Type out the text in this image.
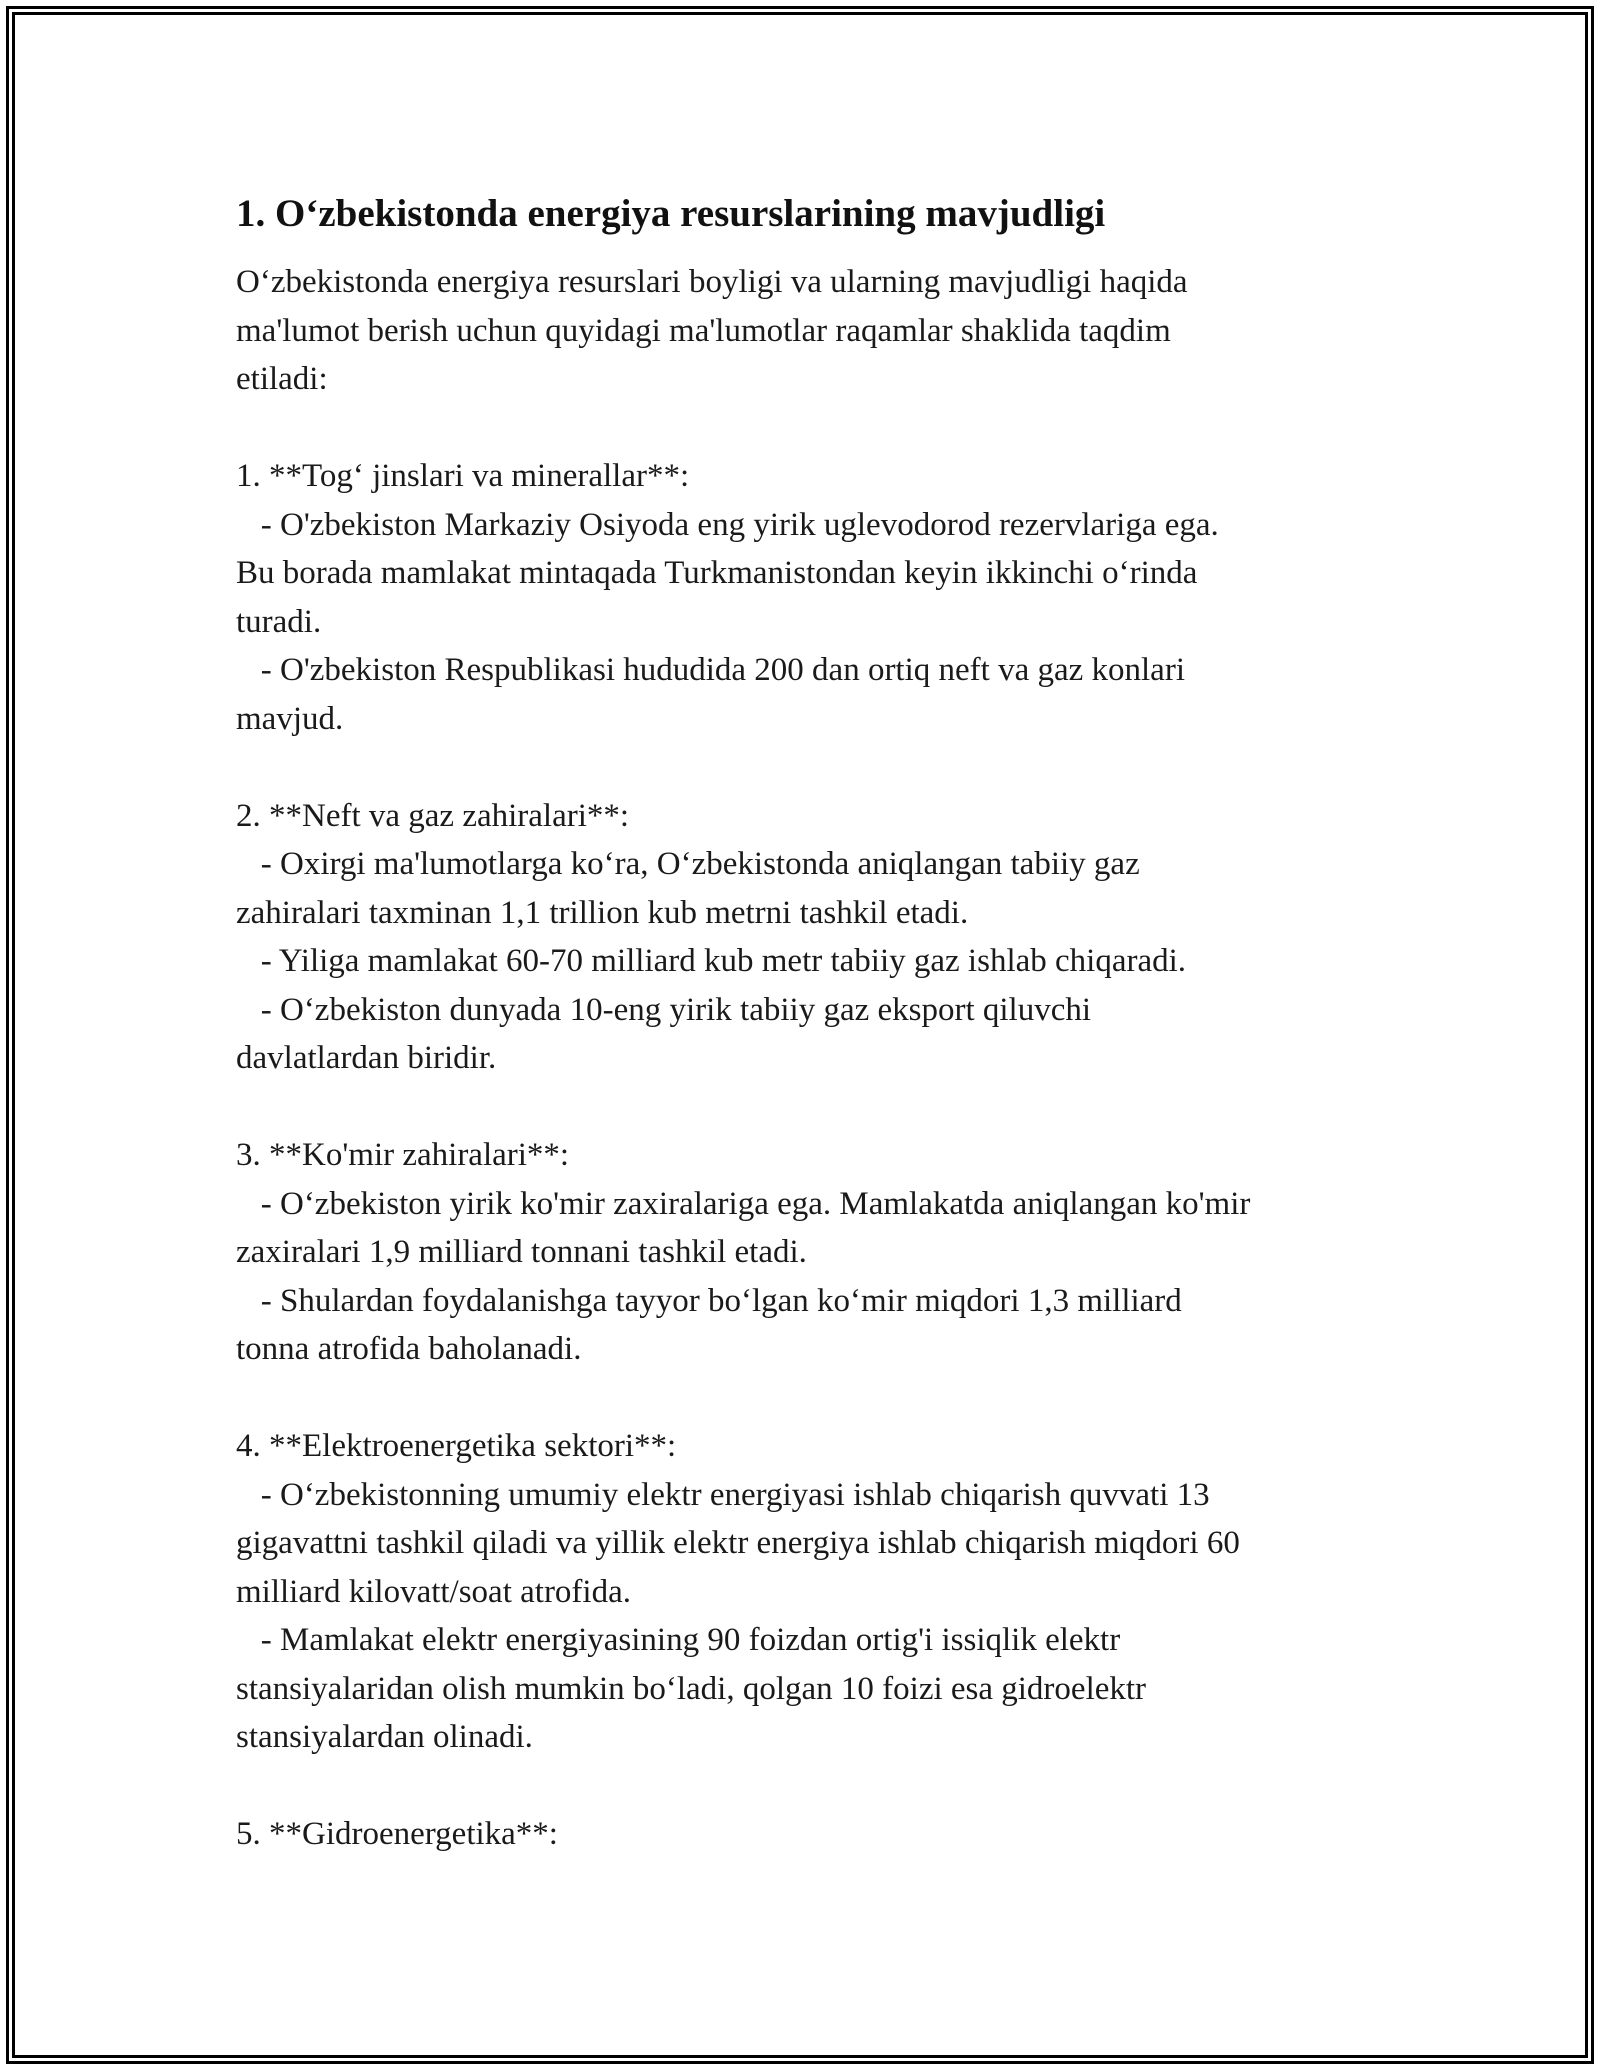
1. O‘zbekistonda energiya resurslarining mavjudligi
O‘zbekistonda energiya resurslari boyligi va ularning mavjudligi haqida
ma'lumot berish uchun quyidagi ma'lumotlar raqamlar shaklida taqdim
etiladi:
1. **Tog‘ jinslari va minerallar**:
- O'zbekiston Markaziy Osiyoda eng yirik uglevodorod rezervlariga ega.
Bu borada mamlakat mintaqada Turkmanistondan keyin ikkinchi o‘rinda
turadi.
- O'zbekiston Respublikasi hududida 200 dan ortiq neft va gaz konlari
mavjud.
2. **Neft va gaz zahiralari**:
- Oxirgi ma'lumotlarga ko‘ra, O‘zbekistonda aniqlangan tabiiy gaz
zahiralari taxminan 1,1 trillion kub metrni tashkil etadi.
- Yiliga mamlakat 60-70 milliard kub metr tabiiy gaz ishlab chiqaradi.
- O‘zbekiston dunyada 10-eng yirik tabiiy gaz eksport qiluvchi
davlatlardan biridir.
3. **Ko'mir zahiralari**:
- O‘zbekiston yirik ko'mir zaxiralariga ega. Mamlakatda aniqlangan ko'mir
zaxiralari 1,9 milliard tonnani tashkil etadi.
- Shulardan foydalanishga tayyor bo‘lgan ko‘mir miqdori 1,3 milliard
tonna atrofida baholanadi.
4. **Elektroenergetika sektori**:
- O‘zbekistonning umumiy elektr energiyasi ishlab chiqarish quvvati 13
gigavattni tashkil qiladi va yillik elektr energiya ishlab chiqarish miqdori 60
milliard kilovatt/soat atrofida.
- Mamlakat elektr energiyasining 90 foizdan ortig'i issiqlik elektr
stansiyalaridan olish mumkin bo‘ladi, qolgan 10 foizi esa gidroelektr
stansiyalardan olinadi.
5. **Gidroenergetika**:
